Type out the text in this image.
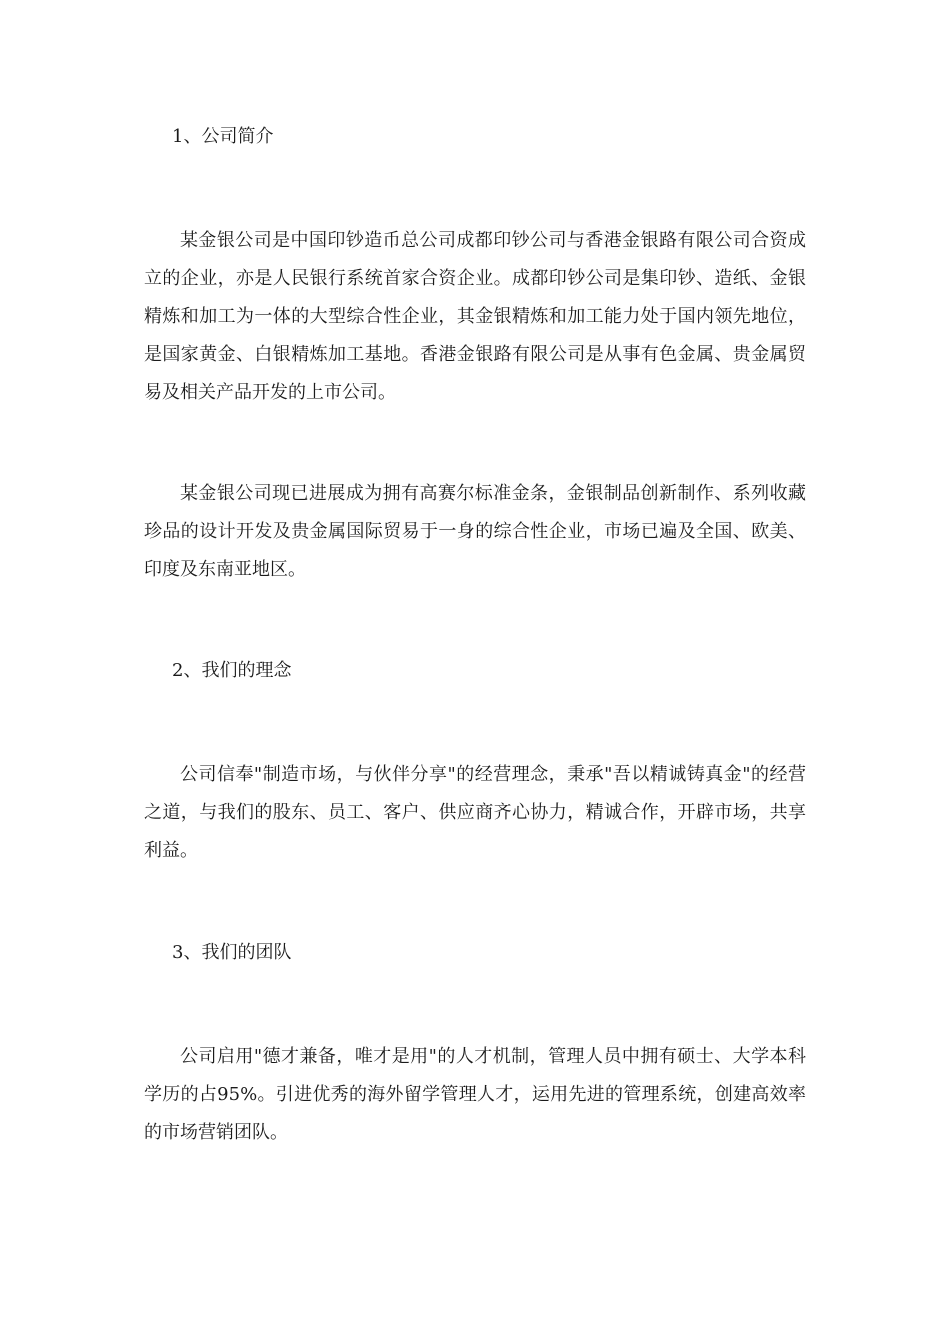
1、公司简介

某金银公司是中国印钞造币总公司成都印钞公司与香港金银路有限公司合资成立的企业，亦是人民银行系统首家合资企业。成都印钞公司是集印钞、造纸、金银精炼和加工为一体的大型综合性企业，其金银精炼和加工能力处于国内领先地位，是国家黄金、白银精炼加工基地。香港金银路有限公司是从事有色金属、贵金属贸易及相关产品开发的上市公司。

某金银公司现已进展成为拥有高赛尔标准金条，金银制品创新制作、系列收藏珍品的设计开发及贵金属国际贸易于一身的综合性企业，市场已遍及全国、欧美、印度及东南亚地区。

2、我们的理念

公司信奉"制造市场，与伙伴分享"的经营理念，秉承"吾以精诚铸真金"的经营之道，与我们的股东、员工、客户、供应商齐心协力，精诚合作，开辟市场，共享利益。

3、我们的团队

公司启用"德才兼备，唯才是用"的人才机制，管理人员中拥有硕士、大学本科学历的占95%。引进优秀的海外留学管理人才，运用先进的管理系统，创建高效率的市场营销团队。
